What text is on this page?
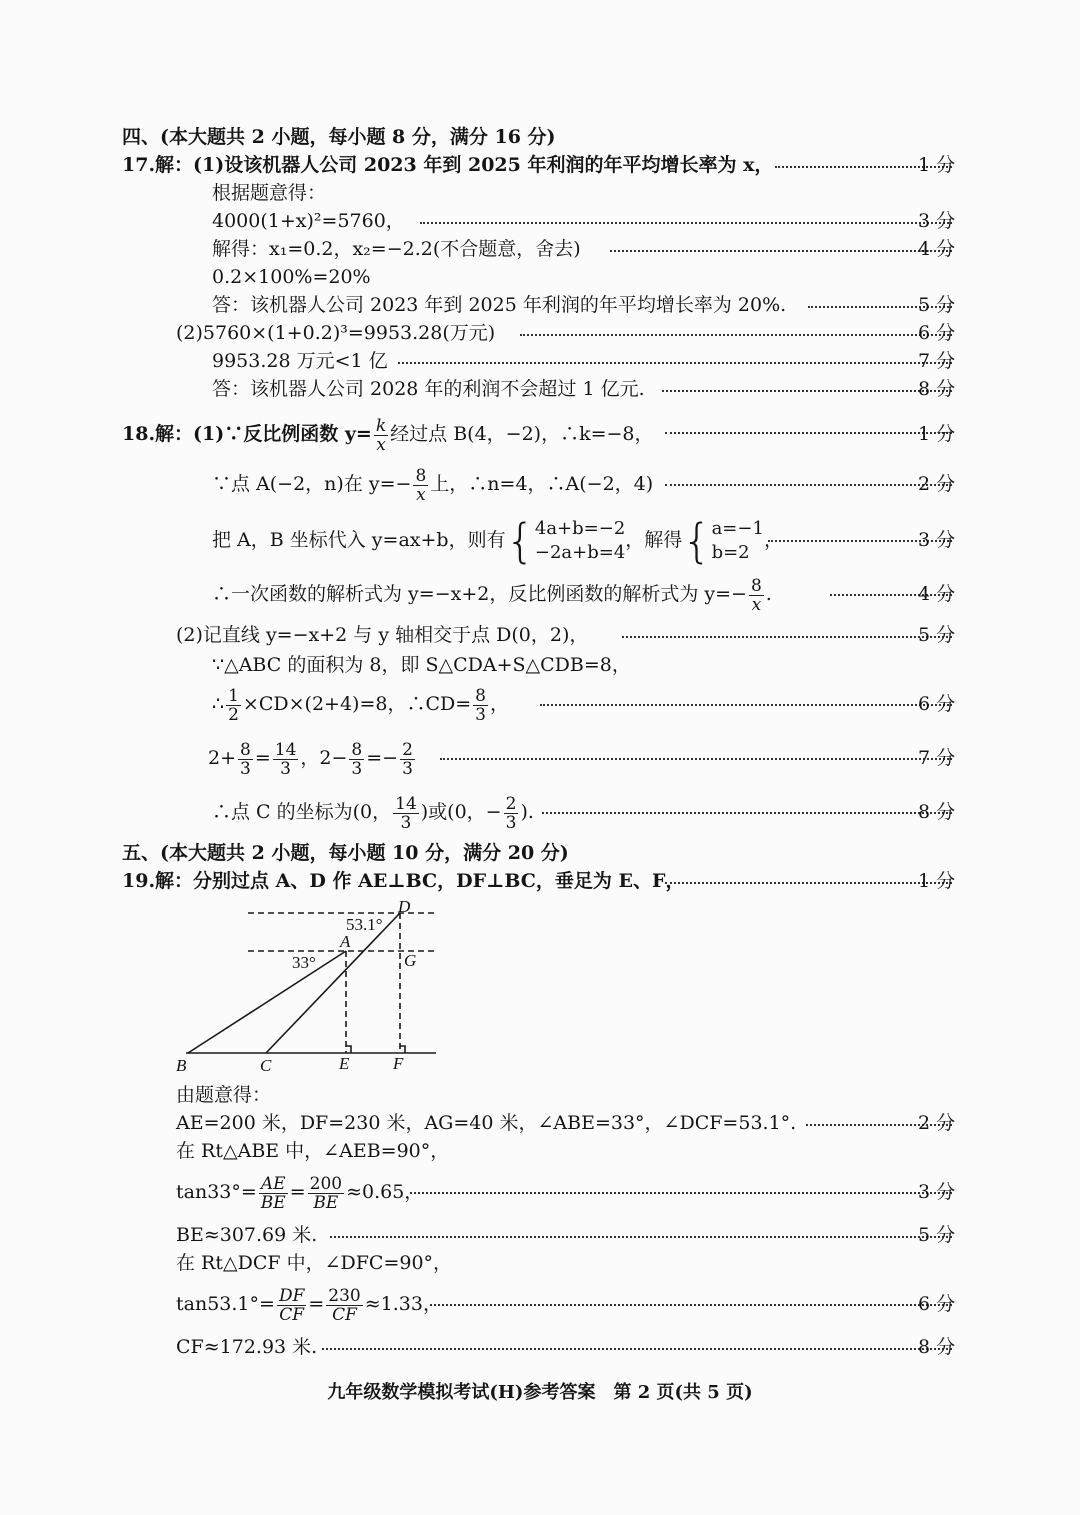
四、(本大题共 2 小题，每小题 8 分，满分 16 分)
17.解：(1)设该机器人公司 2023 年到 2025 年利润的年平均增长率为 x，	1 分
根据题意得：
4000(1+x)²=5760，	3 分
解得：x₁=0.2，x₂=−2.2(不合题意，舍去)	4 分
0.2×100%=20%
答：该机器人公司 2023 年到 2025 年利润的年平均增长率为 20%.	5 分
(2)5760×(1+0.2)³=9953.28(万元)	6 分
9953.28 万元<1 亿	7 分
答：该机器人公司 2028 年的利润不会超过 1 亿元.	8 分
18.解：(1)∵反比例函数 $y= \frac{k}{x}$ 经过点 B(4，−2)，∴k=−8，	1 分
∵点 A(−2，n)在 $y=- \frac{8}{x}$ 上，∴n=4，∴A(−2，4)	2 分
把 A，B 坐标代入 y=ax+b，则有{ 4a+b=−2
−2a+b=4
，解得{ a=−1
b=2
，	3 分
∴一次函数的解析式为 y=−x+2，反比例函数的解析式为 $y=- \frac{8}{x}$ .	4 分
(2)记直线 y=−x+2 与 y 轴相交于点 D(0，2)，	5 分
∵△ABC 的面积为 8，即 S△CDA+S△CDB=8，
∴ $\frac{1}{2} \times CD\times(2+4)=8$，∴CD= $\frac{8}{3}$ ，	6 分
$2+ \frac{8}{3} = \frac{14}{3}$ ，$2- \frac{8}{3} =- \frac{2}{3}$	7 分
∴点 C 的坐标为(0， $\frac{14}{3}$ )或(0，− $\frac{2}{3}$ ).	8 分
五、(本大题共 2 小题，每小题 10 分，满分 20 分)
19.解：分别过点 A、D 作 AE⊥BC，DF⊥BC，垂足为 E、F，	1 分
53.1°
33°
D
A
G
B	C	E	F
由题意得：
AE=200 米，DF=230 米，AG=40 米，∠ABE=33°，∠DCF=53.1°.	2 分
在 Rt△ABE 中，∠AEB=90°，
$\tan 33^\circ= \frac{AE}{BE} = \frac{200}{BE} \approx 0.65$，	3 分
BE≈307.69 米.	5 分
在 Rt△DCF 中，∠DFC=90°，
$\tan 53.1^\circ= \frac{DF}{CF} = \frac{230}{CF} \approx 1.33$，	6 分
CF≈172.93 米.	8 分
九年级数学模拟考试(H)参考答案　第 2 页(共 5 页)
